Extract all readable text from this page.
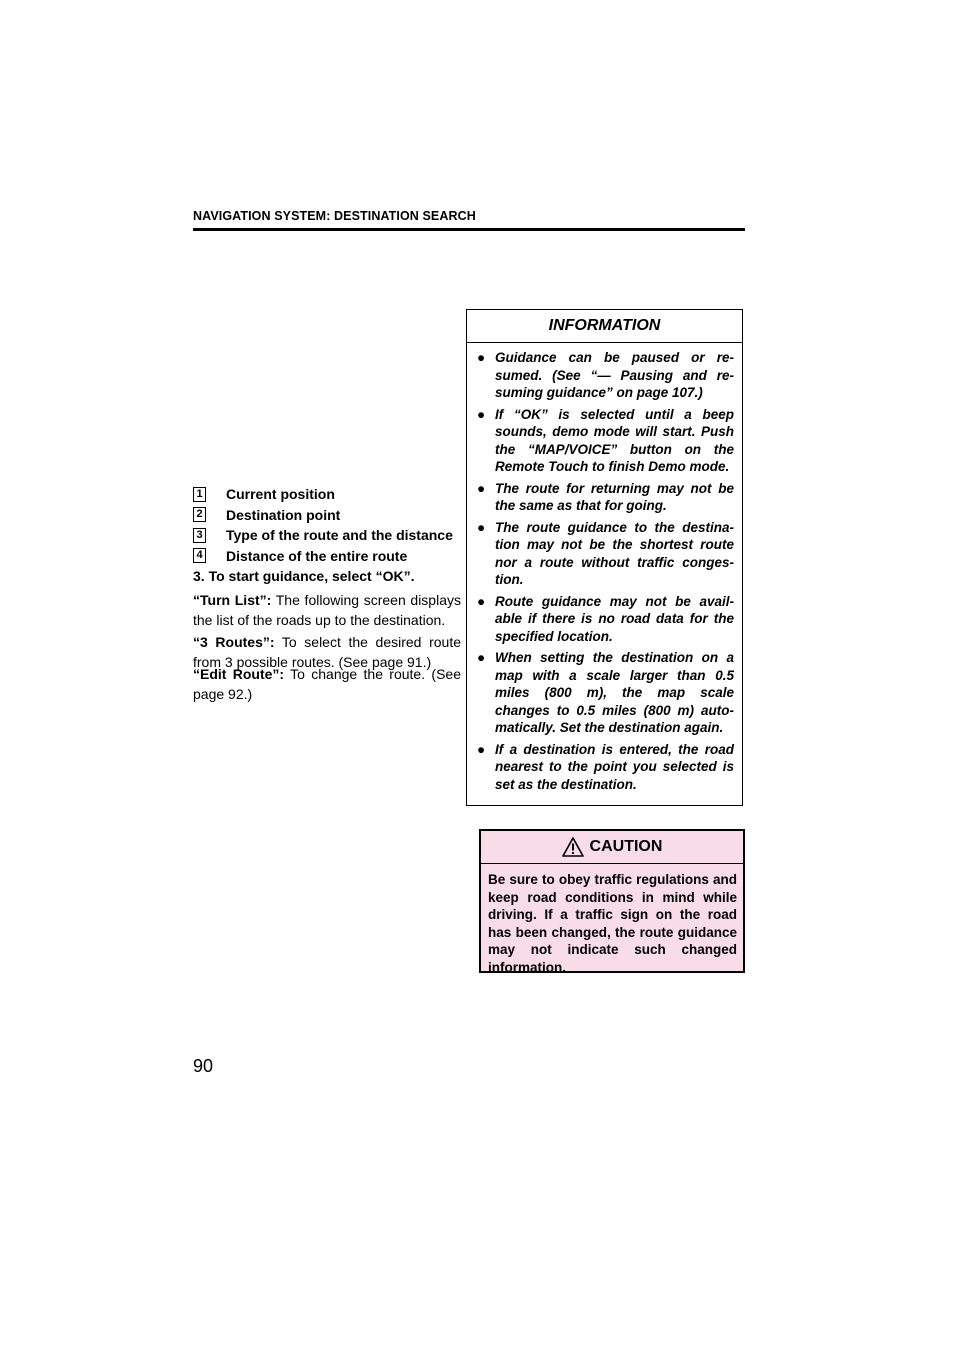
NAVIGATION SYSTEM: DESTINATION SEARCH
1 Current position
2 Destination point
3 Type of the route and the distance
4 Distance of the entire route
3. To start guidance, select “OK”.
“Turn List”: The following screen displays the list of the roads up to the destination.
“3 Routes”: To select the desired route from 3 possible routes. (See page 91.)
“Edit Route”: To change the route. (See page 92.)
INFORMATION
● Guidance can be paused or re-sumed. (See “— Pausing and re-suming guidance” on page 107.)
● If “OK” is selected until a beep sounds, demo mode will start. Push the “MAP/VOICE” button on the Remote Touch to finish Demo mode.
● The route for returning may not be the same as that for going.
● The route guidance to the destina-tion may not be the shortest route nor a route without traffic conges-tion.
● Route guidance may not be avail-able if there is no road data for the specified location.
● When setting the destination on a map with a scale larger than 0.5 miles (800 m), the map scale changes to 0.5 miles (800 m) auto-matically. Set the destination again.
● If a destination is entered, the road nearest to the point you selected is set as the destination.
CAUTION
Be sure to obey traffic regulations and keep road conditions in mind while driving. If a traffic sign on the road has been changed, the route guidance may not indicate such changed information.
90
